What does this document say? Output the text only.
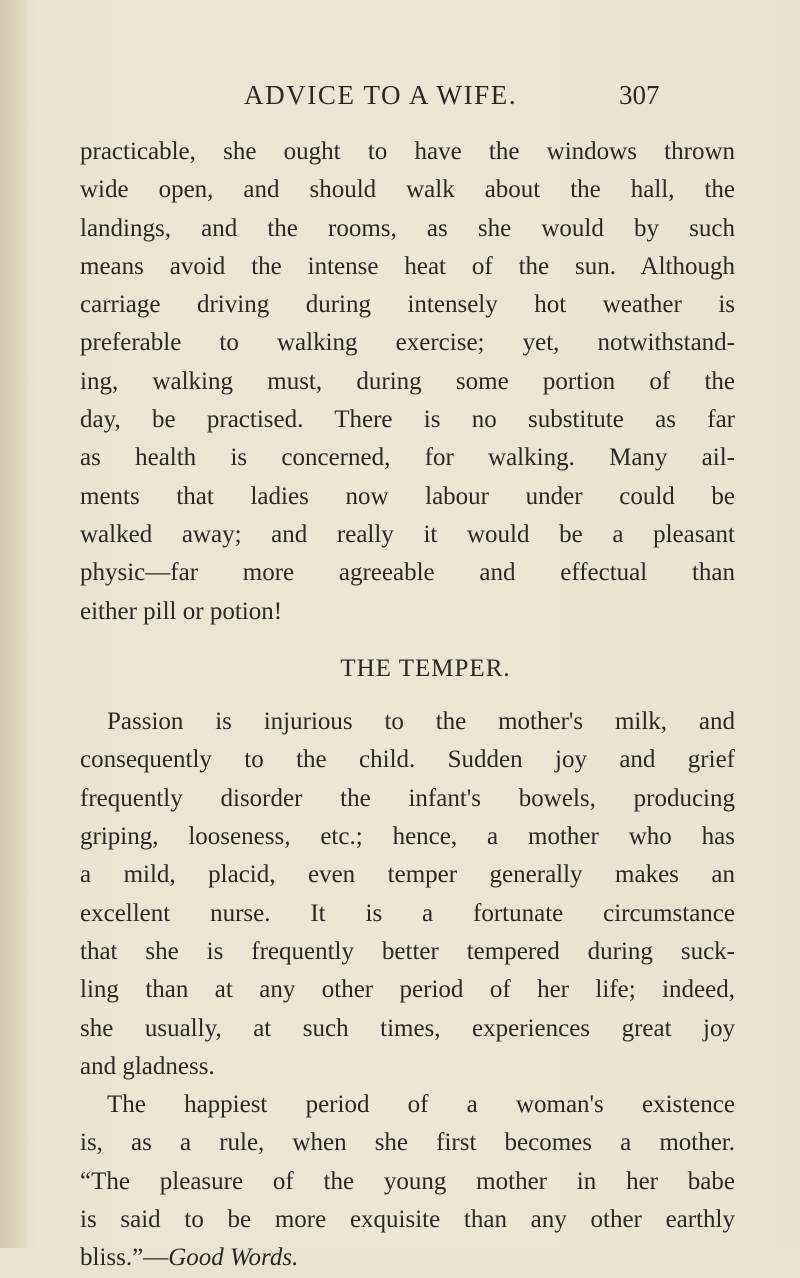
ADVICE TO A WIFE.	307
practicable, she ought to have the windows thrown
wide open, and should walk about the hall, the
landings, and the rooms, as she would by such
means avoid the intense heat of the sun. Although
carriage driving during intensely hot weather is
preferable to walking exercise; yet, notwithstand-
ing, walking must, during some portion of the
day, be practised. There is no substitute as far
as health is concerned, for walking. Many ail-
ments that ladies now labour under could be
walked away; and really it would be a pleasant
physic—far more agreeable and effectual than
either pill or potion!
THE TEMPER.
Passion is injurious to the mother's milk, and
consequently to the child. Sudden joy and grief
frequently disorder the infant's bowels, producing
griping, looseness, etc.; hence, a mother who has
a mild, placid, even temper generally makes an
excellent nurse. It is a fortunate circumstance
that she is frequently better tempered during suck-
ling than at any other period of her life; indeed,
she usually, at such times, experiences great joy
and gladness.
The happiest period of a woman's existence
is, as a rule, when she first becomes a mother.
“The pleasure of the young mother in her babe
is said to be more exquisite than any other earthly
bliss.”—Good Words.
